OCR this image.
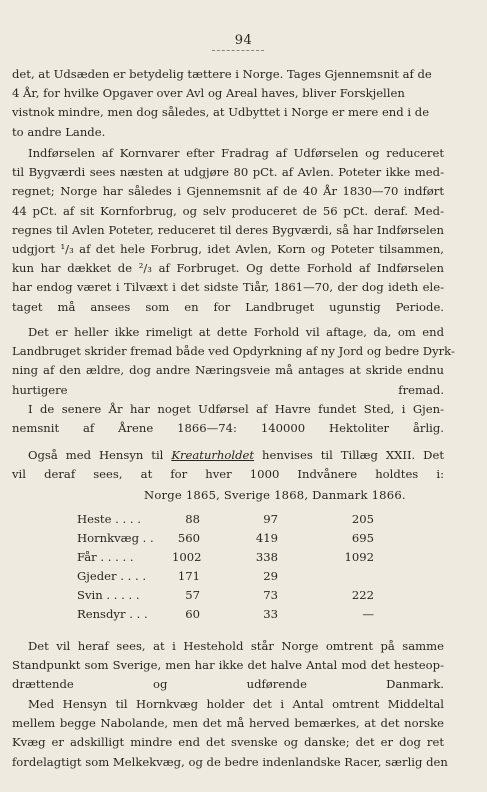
94
det, at Udsæden er betydelig tættere i Norge. Tages Gjennemsnit af de
4 År, for hvilke Opgaver over Avl og Areal haves, bliver Forskjellen
vistnok mindre, men dog således, at Udbyttet i Norge er mere end i de
to andre Lande.
Indførselen af Kornvarer efter Fradrag af Udførselen og reduceret
til Bygværdi sees næsten at udgjøre 80 pCt. af Avlen. Poteter ikke med-
regnet; Norge har således i Gjennemsnit af de 40 År 1830—70 indført
44 pCt. af sit Kornforbrug, og selv produceret de 56 pCt. deraf. Med-
regnes til Avlen Poteter, reduceret til deres Bygværdi, så har Indførselen
udgjort ¹/₃ af det hele Forbrug, idet Avlen, Korn og Poteter tilsammen,
kun har dækket de ²/₃ af Forbruget. Og dette Forhold af Indførselen
har endog været i Tilvæxt i det sidste Tiår, 1861—70, der dog ideth ele-
taget må ansees som en for Landbruget ugunstig Periode.
Det er heller ikke rimeligt at dette Forhold vil aftage, da, om end
Landbruget skrider fremad både ved Opdyrkning af ny Jord og bedre Dyrk-
ning af den ældre, dog andre Næringsveie må antages at skride endnu
hurtigere fremad.
I de senere År har noget Udførsel af Havre fundet Sted, i Gjen-
nemsnit af Årene 1866—74: 140000 Hektoliter årlig.
Også med Hensyn til Kreaturholdet henvises til Tillæg XXII. Det
vil deraf sees, at for hver 1000 Indvånere holdtes i:
Norge 1865, Sverige 1868, Danmark 1866.
Heste . . . .	88	97	205
Hornkvæg . .	560	419	695
Får . . . . .	1002	338	1092
Gjeder . . . .	171	29
Svin . . . . .	57	73	222
Rensdyr . . .	60	33	—
Det vil heraf sees, at i Hestehold står Norge omtrent på samme
Standpunkt som Sverige, men har ikke det halve Antal mod det hesteop-
drættende og udførende Danmark.
Med Hensyn til Hornkvæg holder det i Antal omtrent Middeltal
mellem begge Nabolande, men det må herved bemærkes, at det norske
Kvæg er adskilligt mindre end det svenske og danske; det er dog ret
fordelagtigt som Melkekvæg, og de bedre indenlandske Racer, særlig den
